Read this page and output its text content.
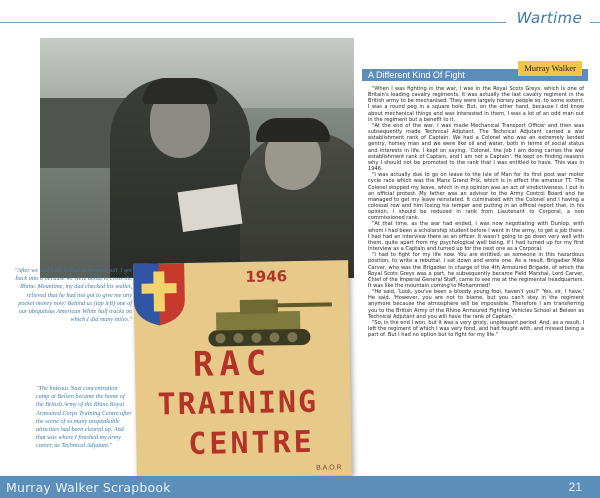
Wartime
1946
RAC
TRAINING
CENTRE
B.A.O.R
"After we had both looked at my tank suit, I got back into it because we were about to cross the Rhine. Meantime, my dad checked his wallet, relieved that he had not got to give me any pocket money now! Behind us (top left) one of our ubiquitous American White half tracks on which I did many miles."
"The hideous Nazi concentration camp at Belsen became the home of the British Army of the Rhine Royal Armoured Corps Training Centre after the scene of so many unspeakable atrocities had been cleared up. And that was where I finished my army career, as Technical Adjutant."
A Different Kind Of Fight
Murray Walker

"When I was fighting in the war, I was in the Royal Scots Greys, which is one of Britain's leading cavalry regiments. It was actually the last cavalry regiment in the British army to be mechanised. They were largely horsey people so, to some extent, I was a round peg in a square hole. But, on the other hand, because I did know about mechanical things and was interested in them, I was a lot of an odd man out in the regiment but a benefit to it.

"At the end of the war, I was made Mechanical Transport Officer and then was subsequently made Technical Adjutant. The Technical Adjutant carried a war establishment rank of Captain. We had a Colonel who was an extremely landed gentry, horsey man and we were like oil and water, both in terms of social status and interests in life. I kept on saying, 'Colonel, the job I am doing carries the war establishment rank of Captain, and I am not a Captain'. He kept on finding reasons why I should not be promoted to the rank that I was entitled to have. This was in 1946.

"I was actually due to go on leave to the Isle of Man for its first post war motor cycle race which was the Manx Grand Prix, which is in effect the amateur TT. The Colonel stopped my leave, which in my opinion was an act of vindictiveness. I put in an official protest. My father was an advisor to the Army Control Board and he managed to get my leave reinstated. It culminated with the Colonel and I having a colossal row and him losing his temper and putting in an official report that, in his opinion, I should be reduced in rank from Lieutenant to Corporal, a non commissioned rank.

"At that time, as the war had ended, I was now negotiating with Dunlop, with whom I had been a scholarship student before I went in the army, to get a job there. I had had an interview there as an officer. It wasn't going to go down very well with them, quite apart from my psychological well being, if I had turned up for my first interview as a Captain and turned up for the next one as a Corporal.

"I had to fight for my life now. You are entitled, as someone in this hazardous position, to write a rebuttal. I sat down and wrote one. As a result, Brigadier Mike Carver, who was the Brigadier in charge of the 4th Armoured Brigade, of which the Royal Scots Greys was a part, he subsequently became Field Marshal, Lord Carver, Chief of the Imperial General Staff, came to see me at the regimental headquarters. It was like the mountain coming to Mohammed!

"He said, 'Look, you've been a bloody young fool, haven't you?' 'Yes, sir, I have.' He said, 'However, you are not to blame, but you can't stay in the regiment anymore because the atmosphere will be impossible. Therefore I am transferring you to the British Army of the Rhine Armoured Fighting Vehicles School at Belsen as Technical Adjutant and you will have the rank of Captain.'

"So, in the end I won, but it was a very grisly, unpleasant period. And, as a result, I left the regiment of which I was very fond, and had fought with, and missed being a part of. But I had no option but to fight for my life."

Murray Walker Scrapbook	21
